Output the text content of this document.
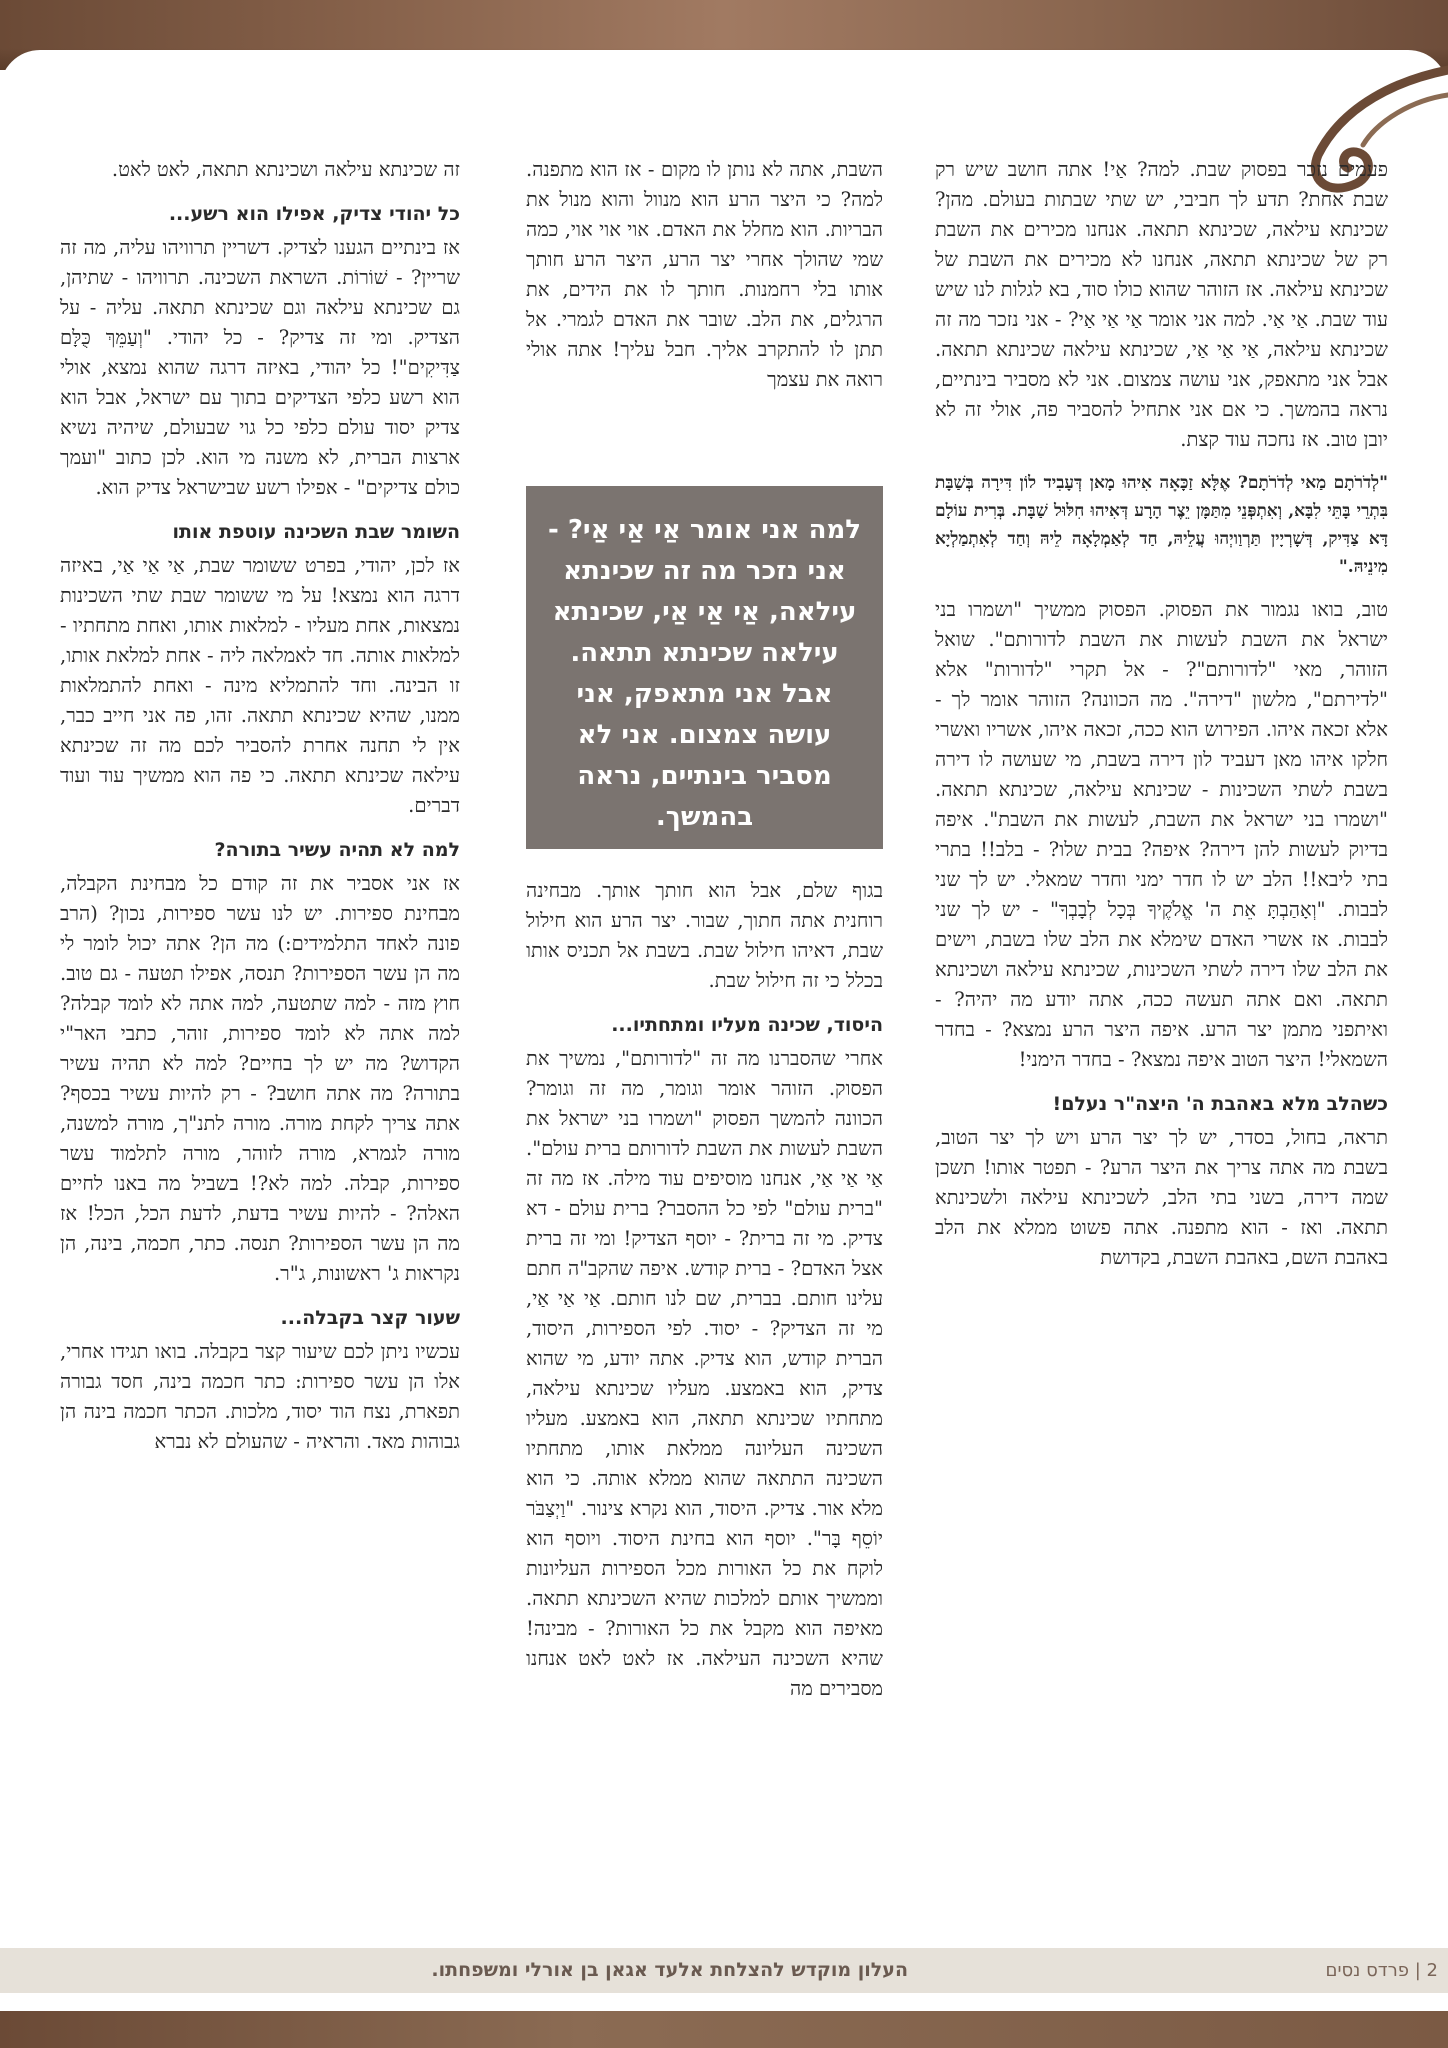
פעמים נזכר בפסוק שבת. למה? אַי! אתה חושב שיש רק שבת אחת? תדע לך חביבי, יש שתי שבתות בעולם. מהן? שכינתא עילאה, שכינתא תתאה. אנחנו מכירים את השבת רק של שכינתא תתאה, אנחנו לא מכירים את השבת של שכינתא עילאה. אז הזוהר שהוא כולו סוד, בא לגלות לנו שיש עוד שבת. אַי אַי. למה אני אומר אַי אַי אַי? - אני נזכר מה זה שכינתא עילאה, אַי אַי אַי, שכינתא עילאה שכינתא תתאה. אבל אני מתאפק, אני עושה צמצום. אני לא מסביר בינתיים, נראה בהמשך. כי אם אני אתחיל להסביר פה, אולי זה לא יובן טוב. אז נחכה עוד קצת.

"לְדֹרֹתָם מַאי לְדֹרֹתָם? אֶלָּא זַכָּאָה אִיהוּ מָאן דְּעָבִיד לוֹן דִּירָה בְּשַׁבָּת בִּתְרֵי בָּתֵּי לִבָּא, וְאִתְפְּנֵי מִתַּמָּן יֵצֶר הָרָע דְּאִיהוּ חִלּוּל שַׁבָּת. בְּרִית עוֹלָם דָּא צַדִּיק, דְּשָׁרְיָין תַּרְוַויְהוּ עֲלֵיהּ, חַד לְאַמְלָאָה לֵיהּ וְחַד לְאִתְמַלְיָא מִינֵיהּ."

טוב, בואו נגמור את הפסוק. הפסוק ממשיך "ושמרו בני ישראל את השבת לעשות את השבת לדורותם". שואל הזוהר, מאי "לדורותם"? - אל תקרי "לדורות" אלא "לדירתם", מלשון "דירה". מה הכוונה? הזוהר אומר לך - אלא זכאה איהו. הפירוש הוא ככה, זכאה איהו, אשריו ואשרי חלקו איהו מאן דעביד לון דירה בשבת, מי שעושה לו דירה בשבת לשתי השכינות - שכינתא עילאה, שכינתא תתאה. "ושמרו בני ישראל את השבת, לעשות את השבת". איפה בדיוק לעשות להן דירה? איפה? בבית שלו? - בלב!! בתרי בתי ליבא!! הלב יש לו חדר ימני וחדר שמאלי. יש לך שני לבבות. "וְאָהַבְתָּ אֵת ה' אֱלֹקֶיךָ בְּכָל לְבָבְךָ" - יש לך שני לבבות. אז אשרי האדם שימלא את הלב שלו בשבת, וישים את הלב שלו דירה לשתי השכינות, שכינתא עילאה ושכינתא תתאה. ואם אתה תעשה ככה, אתה יודע מה יהיה? - ואיתפני מתמן יצר הרע. איפה היצר הרע נמצא? - בחדר השמאלי! היצר הטוב איפה נמצא? - בחדר הימני!

כשהלב מלא באהבת ה' היצה"ר נעלם!

תראה, בחול, בסדר, יש לך יצר הרע ויש לך יצר הטוב, בשבת מה אתה צריך את היצר הרע? - תפטר אותו! תשכן שמה דירה, בשני בתי הלב, לשכינתא עילאה ולשכינתא תתאה. ואז - הוא מתפנה. אתה פשוט ממלא את הלב באהבת השם, באהבת השבת, בקדושת

השבת, אתה לא נותן לו מקום - אז הוא מתפנה. למה? כי היצר הרע הוא מנוול והוא מנול את הבריות. הוא מחלל את האדם. אוי אוי אוי, כמה שמי שהולך אחרי יצר הרע, היצר הרע חותך אותו בלי רחמנות. חותך לו את הידים, את הרגלים, את הלב. שובר את האדם לגמרי. אל תתן לו להתקרב אליך. חבל עליך! אתה אולי רואה את עצמך

למה אני אומר אַי אַי אַי? - אני נזכר מה זה שכינתא עילאה, אַי אַי אַי, שכינתא עילאה שכינתא תתאה. אבל אני מתאפק, אני עושה צמצום. אני לא מסביר בינתיים, נראה בהמשך.

בגוף שלם, אבל הוא חותך אותך. מבחינה רוחנית אתה חתוך, שבור. יצר הרע הוא חילול שבת, דאיהו חילול שבת. בשבת אל תכניס אותו בכלל כי זה חילול שבת.

היסוד, שכינה מעליו ומתחתיו...

אחרי שהסברנו מה זה "לדורותם", נמשיך את הפסוק. הזוהר אומר וגומר, מה זה וגומר? הכוונה להמשך הפסוק "ושמרו בני ישראל את השבת לעשות את השבת לדורותם ברית עולם". אַי אַי אַי, אנחנו מוסיפים עוד מילה. אז מה זה "ברית עולם" לפי כל ההסבר? ברית עולם - דא צדיק. מי זה ברית? - יוסף הצדיק! ומי זה ברית אצל האדם? - ברית קודש. איפה שהקב"ה חתם עלינו חותם. בברית, שם לנו חותם. אַי אַי אַי, מי זה הצדיק? - יסוד. לפי הספירות, היסוד, הברית קודש, הוא צדיק. אתה יודע, מי שהוא צדיק, הוא באמצע. מעליו שכינתא עילאה, מתחתיו שכינתא תתאה, הוא באמצע. מעליו השכינה העליונה ממלאת אותו, מתחתיו השכינה התתאה שהוא ממלא אותה. כי הוא מלא אור. צדיק. היסוד, הוא נקרא צינור. "וַיְצַבֹּר יוֹסֵף בָּר". יוסף הוא בחינת היסוד. ויוסף הוא לוקח את כל האורות מכל הספירות העליונות וממשיך אותם למלכות שהיא השכינתא תתאה. מאיפה הוא מקבל את כל האורות? - מבינה! שהיא השכינה העילאה. אז לאט לאט אנחנו מסבירים מה

זה שכינתא עילאה ושכינתא תתאה, לאט לאט.

כל יהודי צדיק, אפילו הוא רשע...

אז בינתיים הגענו לצדיק. דשריין תרוויהו עליה, מה זה שריין? - שׁוֹרוֹת. השראת השכינה. תרוויהו - שתיהן, גם שכינתא עילאה וגם שכינתא תתאה. עליה - על הצדיק. ומי זה צדיק? - כל יהודי. "וְעַמֵּךְ כֻּלָּם צַדִּיקִים"! כל יהודי, באיזה דרגה שהוא נמצא, אולי הוא רשע כלפי הצדיקים בתוך עם ישראל, אבל הוא צדיק יסוד עולם כלפי כל גוי שבעולם, שיהיה נשיא ארצות הברית, לא משנה מי הוא. לכן כתוב "ועמך כולם צדיקים" - אפילו רשע שבישראל צדיק הוא.

השומר שבת השכינה עוטפת אותו

אז לכן, יהודי, בפרט ששומר שבת, אַי אַי אַי, באיזה דרגה הוא נמצא! על מי ששומר שבת שתי השכינות נמצאות, אחת מעליו - למלאות אותו, ואחת מתחתיו - למלאות אותה. חד לאמלאה ליה - אחת למלאת אותו, זו הבינה. וחד להתמליא מינה - ואחת להתמלאות ממנו, שהיא שכינתא תתאה. זהו, פה אני חייב כבר, אין לי תחנה אחרת להסביר לכם מה זה שכינתא עילאה שכינתא תתאה. כי פה הוא ממשיך עוד ועוד דברים.

למה לא תהיה עשיר בתורה?

אז אני אסביר את זה קודם כל מבחינת הקבלה, מבחינת ספירות. יש לנו עשר ספירות, נכון? (הרב פונה לאחד התלמידים:) מה הן? אתה יכול לומר לי מה הן עשר הספירות? תנסה, אפילו תטעה - גם טוב. חוץ מזה - למה שתטעה, למה אתה לא לומד קבלה? למה אתה לא לומד ספירות, זוהר, כתבי האר"י הקדוש? מה יש לך בחיים? למה לא תהיה עשיר בתורה? מה אתה חושב? - רק להיות עשיר בכסף? אתה צריך לקחת מורה. מורה לתנ"ך, מורה למשנה, מורה לגמרא, מורה לזוהר, מורה לתלמוד עשר ספירות, קבלה. למה לא?! בשביל מה באנו לחיים האלה? - להיות עשיר בדעת, לדעת הכל, הכל! אז מה הן עשר הספירות? תנסה. כתר, חכמה, בינה, הן נקראות ג' ראשונות, ג"ר.

שעור קצר בקבלה...

עכשיו ניתן לכם שיעור קצר בקבלה. בואו תגידו אחרי, אלו הן עשר ספירות: כתר חכמה בינה, חסד גבורה תפארת, נצח הוד יסוד, מלכות. הכתר חכמה בינה הן גבוהות מאד. והראיה - שהעולם לא נברא

העלון מוקדש להצלחת אלעד אגאן בן אורלי ומשפחתו.	2 | פרדס נסים
